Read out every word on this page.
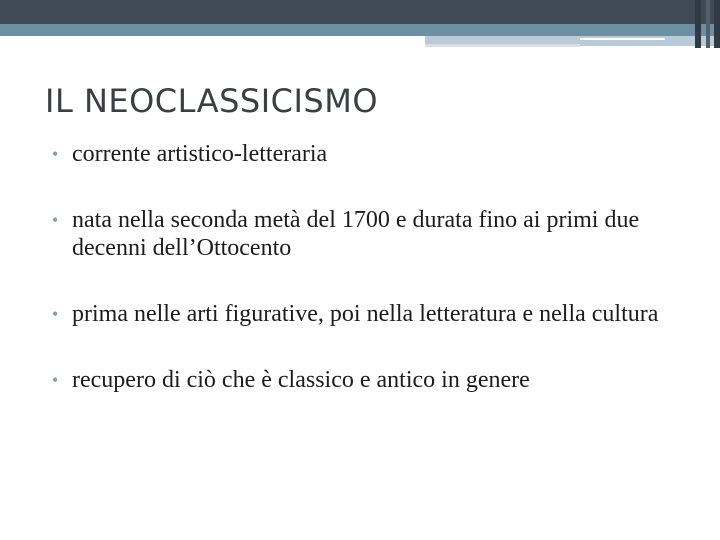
IL NEOCLASSICISMO
• corrente artistico-letteraria
• nata nella seconda metà del 1700 e durata fino ai primi due decenni dell’Ottocento
• prima nelle arti figurative, poi nella letteratura e nella cultura
• recupero di ciò che è classico e antico in genere
